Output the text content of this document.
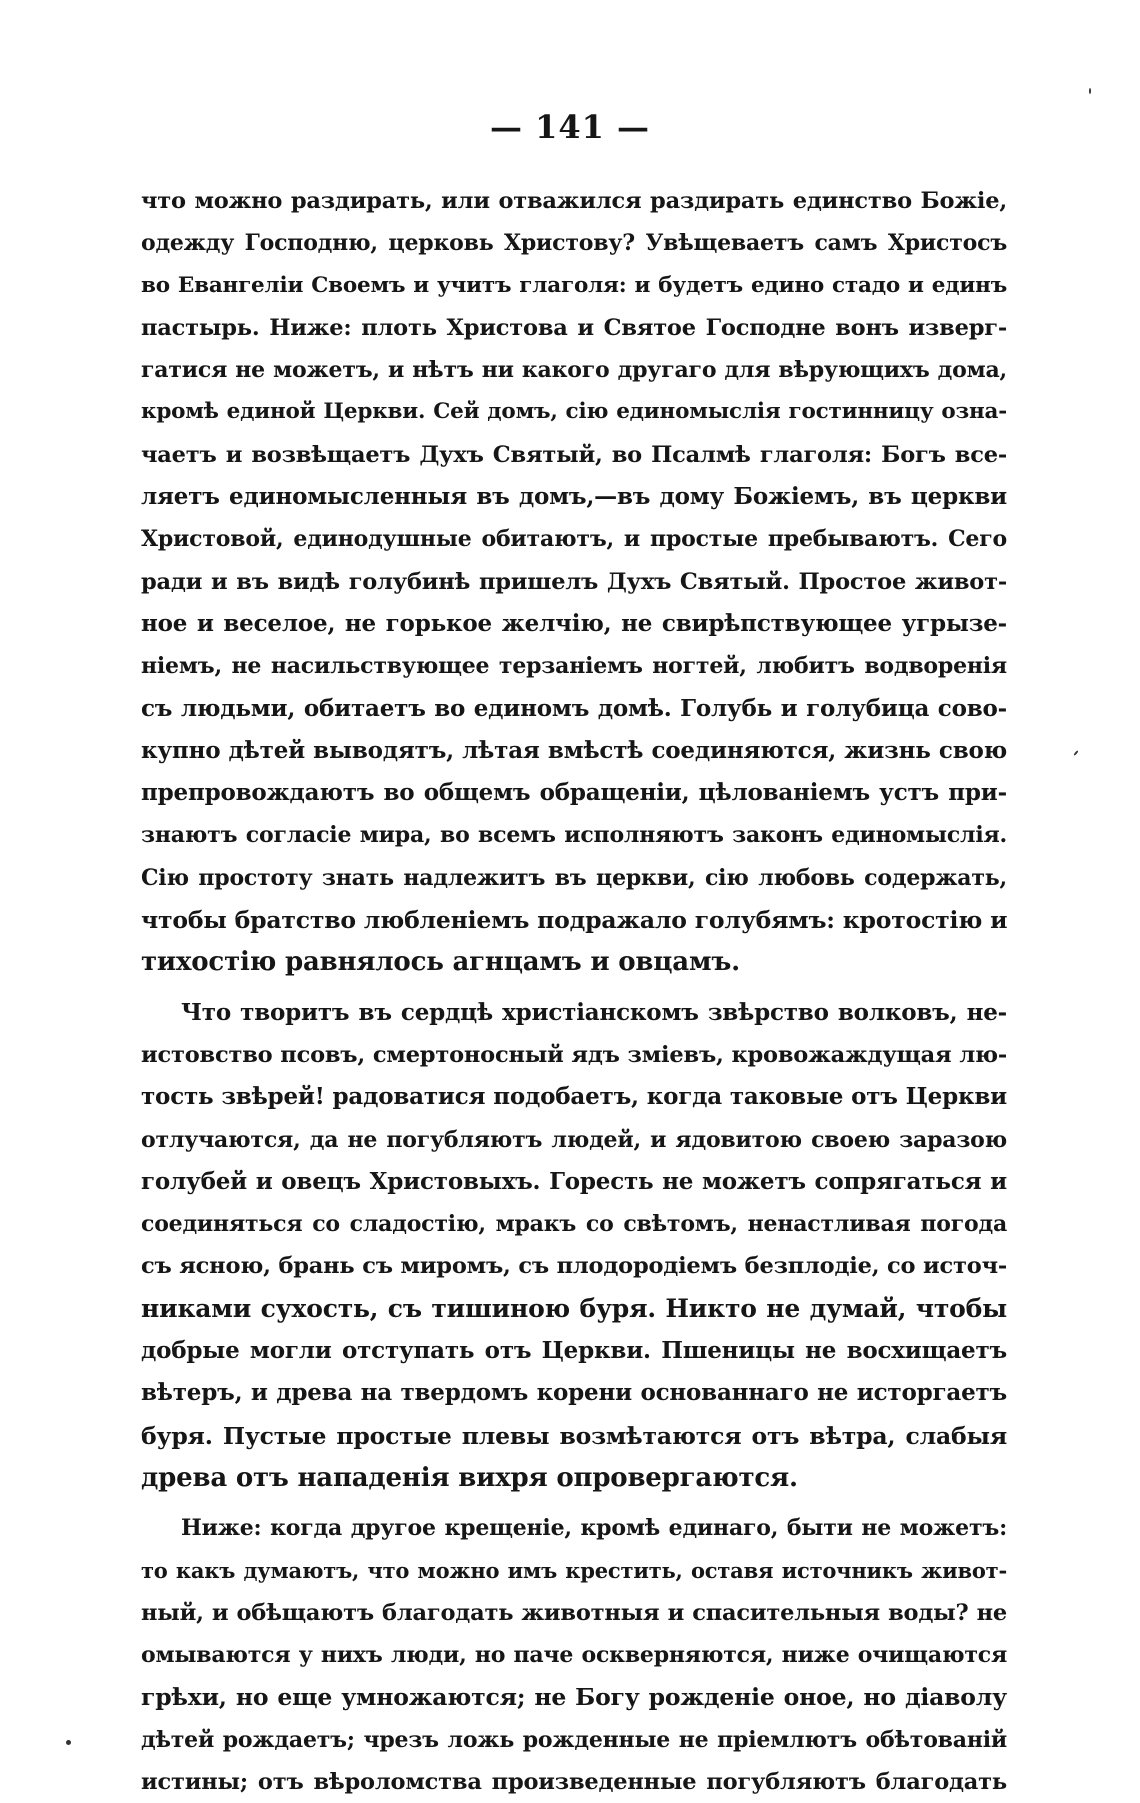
— 141 —
что можно раздирать, или отважился раздирать единство Божіе,
одежду Господню, церковь Христову? Увѣщеваетъ самъ Христосъ
во Евангеліи Своемъ и учитъ глаголя: и будетъ едино стадо и единъ
пастырь. Ниже: плоть Христова и Святое Господне вонъ изверг-
гатися не можетъ, и нѣтъ ни какого другаго для вѣрующихъ дома,
кромѣ единой Церкви. Сей домъ, сію единомыслія гостинницу озна-
чаетъ и возвѣщаетъ Духъ Святый, во Псалмѣ глаголя: Богъ все-
ляетъ единомысленныя въ домъ,—въ дому Божіемъ, въ церкви
Христовой, единодушные обитаютъ, и простые пребываютъ. Сего
ради и въ видѣ голубинѣ пришелъ Духъ Святый. Простое живот-
ное и веселое, не горькое желчію, не свирѣпствующее угрызе-
ніемъ, не насильствующее терзаніемъ ногтей, любитъ водворенія
съ людьми, обитаетъ во единомъ домѣ. Голубь и голубица сово-
купно дѣтей выводятъ, лѣтая вмѣстѣ соединяются, жизнь свою
препровождаютъ во общемъ обращеніи, цѣлованіемъ устъ при-
знаютъ согласіе мира, во всемъ исполняютъ законъ единомыслія.
Сію простоту знать надлежитъ въ церкви, сію любовь содержать,
чтобы братство любленіемъ подражало голубямъ: кротостію и
тихостію равнялось агнцамъ и овцамъ.
Что творитъ въ сердцѣ христіанскомъ звѣрство волковъ, не-
истовство псовъ, смертоносный ядъ зміевъ, кровожаждущая лю-
тость звѣрей! радоватися подобаетъ, когда таковые отъ Церкви
отлучаются, да не погубляютъ людей, и ядовитою своею заразою
голубей и овецъ Христовыхъ. Горесть не можетъ сопрягаться и
соединяться со сладостію, мракъ со свѣтомъ, ненастливая погода
съ ясною, брань съ миромъ, съ плодородіемъ безплодіе, со источ-
никами сухость, съ тишиною буря. Никто не думай, чтобы
добрые могли отступать отъ Церкви. Пшеницы не восхищаетъ
вѣтеръ, и древа на твердомъ корени основаннаго не исторгаетъ
буря. Пустые простые плевы возмѣтаются отъ вѣтра, слабыя
древа отъ нападенія вихря опровергаются.
Ниже: когда другое крещеніе, кромѣ единаго, быти не можетъ:
то какъ думаютъ, что можно имъ крестить, оставя источникъ живот-
ный, и обѣщаютъ благодать животныя и спасительныя воды? не
омываются у нихъ люди, но паче оскверняются, ниже очищаются
грѣхи, но еще умножаются; не Богу рожденіе оное, но діаволу
дѣтей рождаетъ; чрезъ ложь рожденные не пріемлютъ обѣтованій
истины; отъ вѣроломства произведенные погубляютъ благодать
